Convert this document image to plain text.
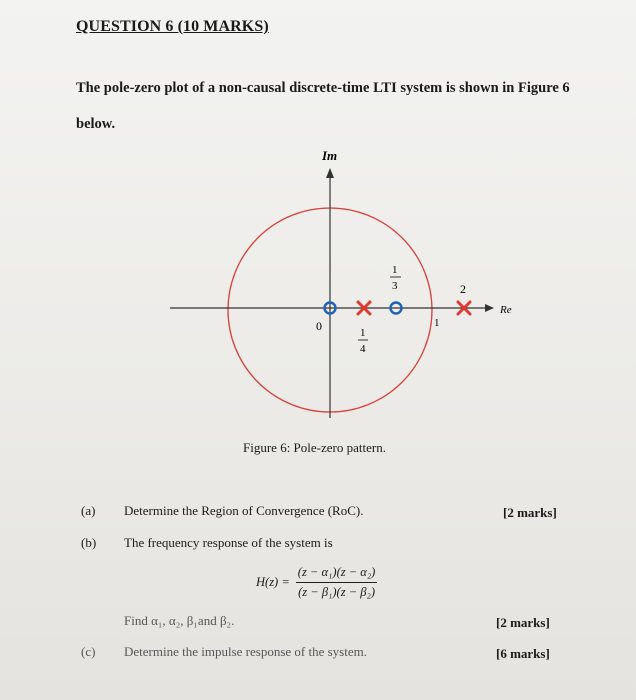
QUESTION 6 (10 MARKS)
The pole-zero plot of a non-causal discrete-time LTI system is shown in Figure 6
below.
Im
Re
0	1
4
1
3
1
2
Figure 6: Pole-zero pattern.
(a) Determine the Region of Convergence (RoC).	[2 marks]
(b) The frequency response of the system is
$H(z) = \frac{\text{(z − α₁)(z − α₂)}}{\text{(z − β₁)(z − β₂)}}$
Find α₁, α₂, β₁and β₂.	[2 marks]
(c) Determine the impulse response of the system.	[6 marks]
